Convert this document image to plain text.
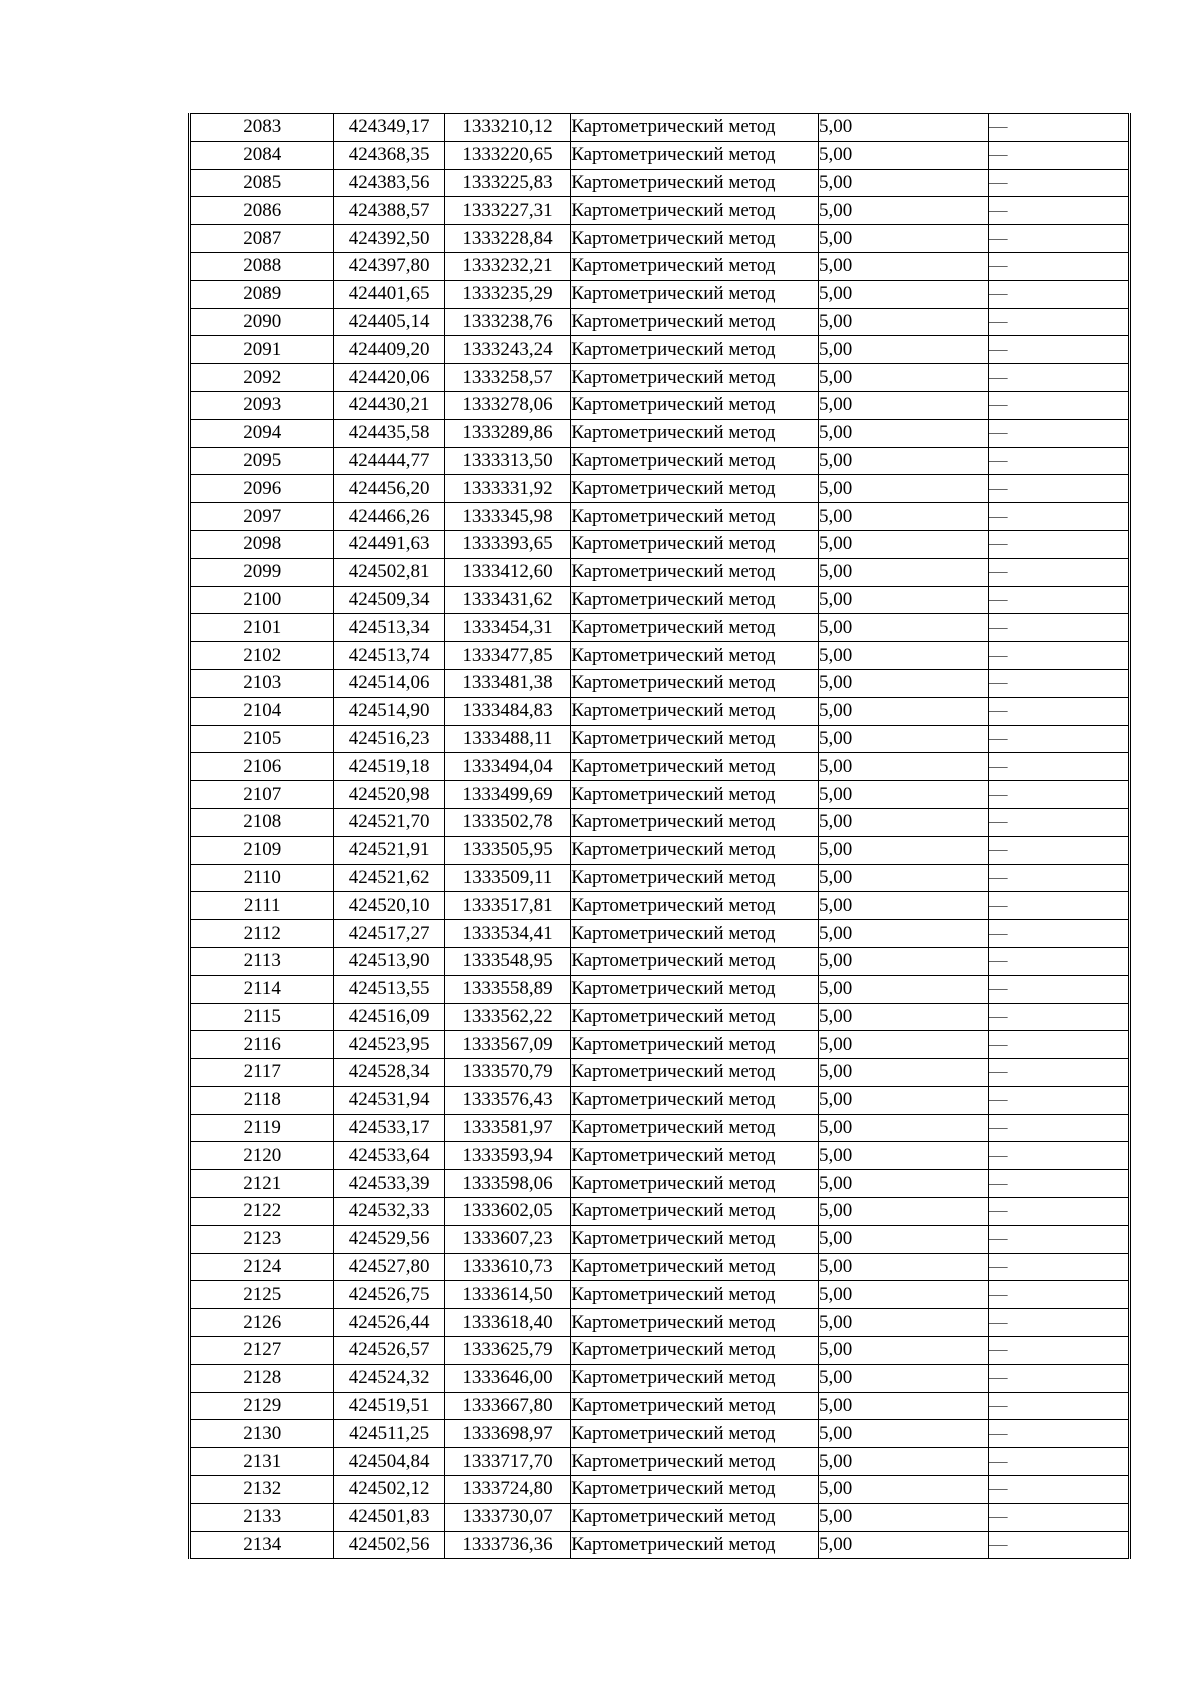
2083	424349,17	1333210,12	Картометрический метод	5,00	—
2084	424368,35	1333220,65	Картометрический метод	5,00	—
2085	424383,56	1333225,83	Картометрический метод	5,00	—
2086	424388,57	1333227,31	Картометрический метод	5,00	—
2087	424392,50	1333228,84	Картометрический метод	5,00	—
2088	424397,80	1333232,21	Картометрический метод	5,00	—
2089	424401,65	1333235,29	Картометрический метод	5,00	—
2090	424405,14	1333238,76	Картометрический метод	5,00	—
2091	424409,20	1333243,24	Картометрический метод	5,00	—
2092	424420,06	1333258,57	Картометрический метод	5,00	—
2093	424430,21	1333278,06	Картометрический метод	5,00	—
2094	424435,58	1333289,86	Картометрический метод	5,00	—
2095	424444,77	1333313,50	Картометрический метод	5,00	—
2096	424456,20	1333331,92	Картометрический метод	5,00	—
2097	424466,26	1333345,98	Картометрический метод	5,00	—
2098	424491,63	1333393,65	Картометрический метод	5,00	—
2099	424502,81	1333412,60	Картометрический метод	5,00	—
2100	424509,34	1333431,62	Картометрический метод	5,00	—
2101	424513,34	1333454,31	Картометрический метод	5,00	—
2102	424513,74	1333477,85	Картометрический метод	5,00	—
2103	424514,06	1333481,38	Картометрический метод	5,00	—
2104	424514,90	1333484,83	Картометрический метод	5,00	—
2105	424516,23	1333488,11	Картометрический метод	5,00	—
2106	424519,18	1333494,04	Картометрический метод	5,00	—
2107	424520,98	1333499,69	Картометрический метод	5,00	—
2108	424521,70	1333502,78	Картометрический метод	5,00	—
2109	424521,91	1333505,95	Картометрический метод	5,00	—
2110	424521,62	1333509,11	Картометрический метод	5,00	—
2111	424520,10	1333517,81	Картометрический метод	5,00	—
2112	424517,27	1333534,41	Картометрический метод	5,00	—
2113	424513,90	1333548,95	Картометрический метод	5,00	—
2114	424513,55	1333558,89	Картометрический метод	5,00	—
2115	424516,09	1333562,22	Картометрический метод	5,00	—
2116	424523,95	1333567,09	Картометрический метод	5,00	—
2117	424528,34	1333570,79	Картометрический метод	5,00	—
2118	424531,94	1333576,43	Картометрический метод	5,00	—
2119	424533,17	1333581,97	Картометрический метод	5,00	—
2120	424533,64	1333593,94	Картометрический метод	5,00	—
2121	424533,39	1333598,06	Картометрический метод	5,00	—
2122	424532,33	1333602,05	Картометрический метод	5,00	—
2123	424529,56	1333607,23	Картометрический метод	5,00	—
2124	424527,80	1333610,73	Картометрический метод	5,00	—
2125	424526,75	1333614,50	Картометрический метод	5,00	—
2126	424526,44	1333618,40	Картометрический метод	5,00	—
2127	424526,57	1333625,79	Картометрический метод	5,00	—
2128	424524,32	1333646,00	Картометрический метод	5,00	—
2129	424519,51	1333667,80	Картометрический метод	5,00	—
2130	424511,25	1333698,97	Картометрический метод	5,00	—
2131	424504,84	1333717,70	Картометрический метод	5,00	—
2132	424502,12	1333724,80	Картометрический метод	5,00	—
2133	424501,83	1333730,07	Картометрический метод	5,00	—
2134	424502,56	1333736,36	Картометрический метод	5,00	—
